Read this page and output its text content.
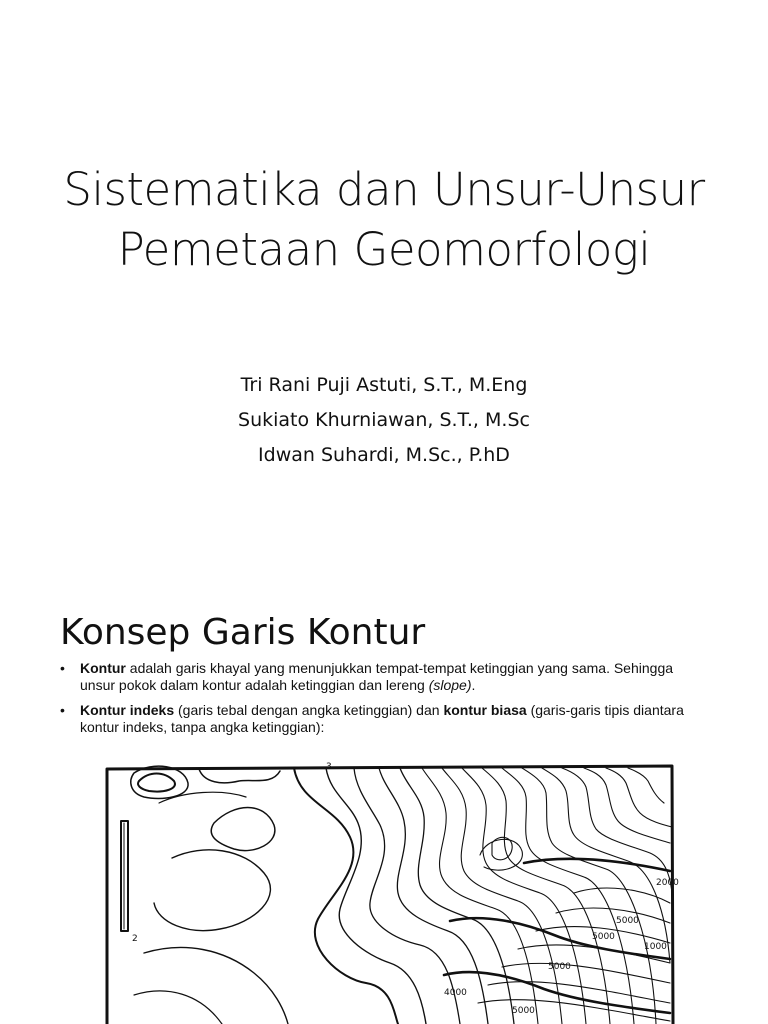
Sistematika dan Unsur-Unsur
Pemetaan Geomorfologi
Tri Rani Puji Astuti, S.T., M.Eng
Sukiato Khurniawan, S.T., M.Sc
Idwan Suhardi, M.Sc., P.hD
Konsep Garis Kontur
• Kontur adalah garis khayal yang menunjukkan tempat-tempat ketinggian yang sama. Sehingga unsur pokok dalam kontur adalah ketinggian dan lereng (slope).
• Kontur indeks (garis tebal dengan angka ketinggian) dan kontur biasa (garis-garis tipis diantara kontur indeks, tanpa angka ketinggian):
3
2
5000
5000
5000
1000
4000
2000
5000
